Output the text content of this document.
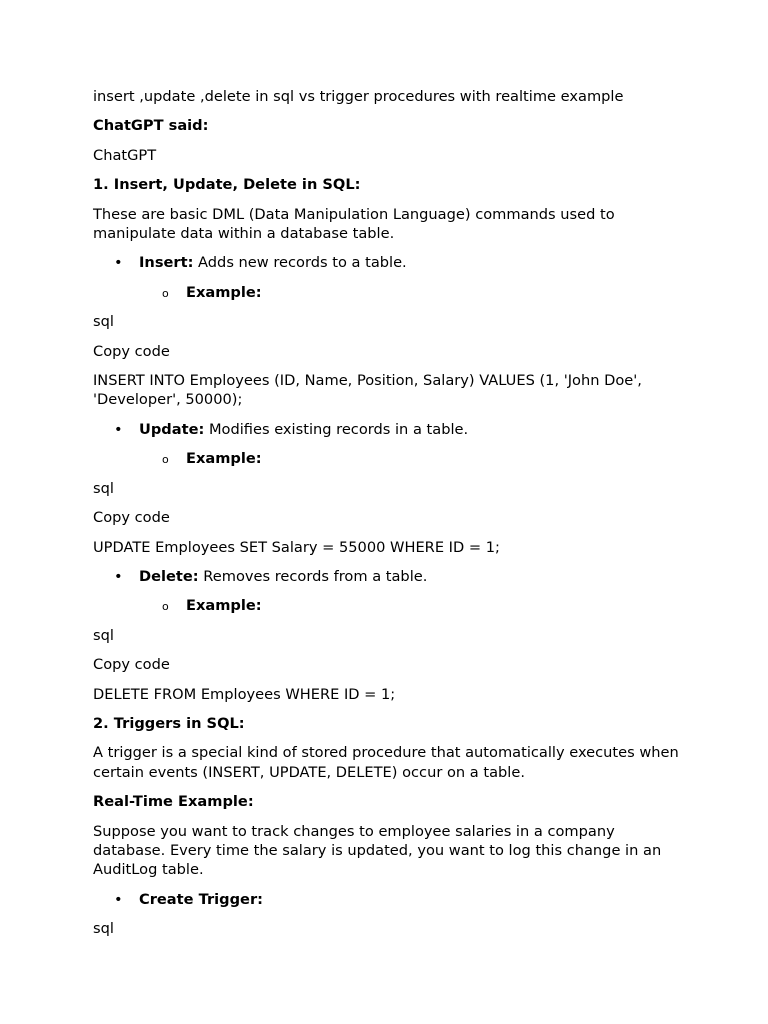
insert ,update ,delete in sql vs trigger procedures with realtime example

ChatGPT said:

ChatGPT

1. Insert, Update, Delete in SQL:

These are basic DML (Data Manipulation Language) commands used to manipulate data within a database table.

• Insert: Adds new records to a table.
o Example:

sql

Copy code

INSERT INTO Employees (ID, Name, Position, Salary) VALUES (1, 'John Doe', 'Developer', 50000);

• Update: Modifies existing records in a table.
o Example:

sql

Copy code

UPDATE Employees SET Salary = 55000 WHERE ID = 1;

• Delete: Removes records from a table.
o Example:

sql

Copy code

DELETE FROM Employees WHERE ID = 1;

2. Triggers in SQL:

A trigger is a special kind of stored procedure that automatically executes when certain events (INSERT, UPDATE, DELETE) occur on a table.

Real-Time Example:

Suppose you want to track changes to employee salaries in a company database. Every time the salary is updated, you want to log this change in an AuditLog table.

• Create Trigger:

sql
